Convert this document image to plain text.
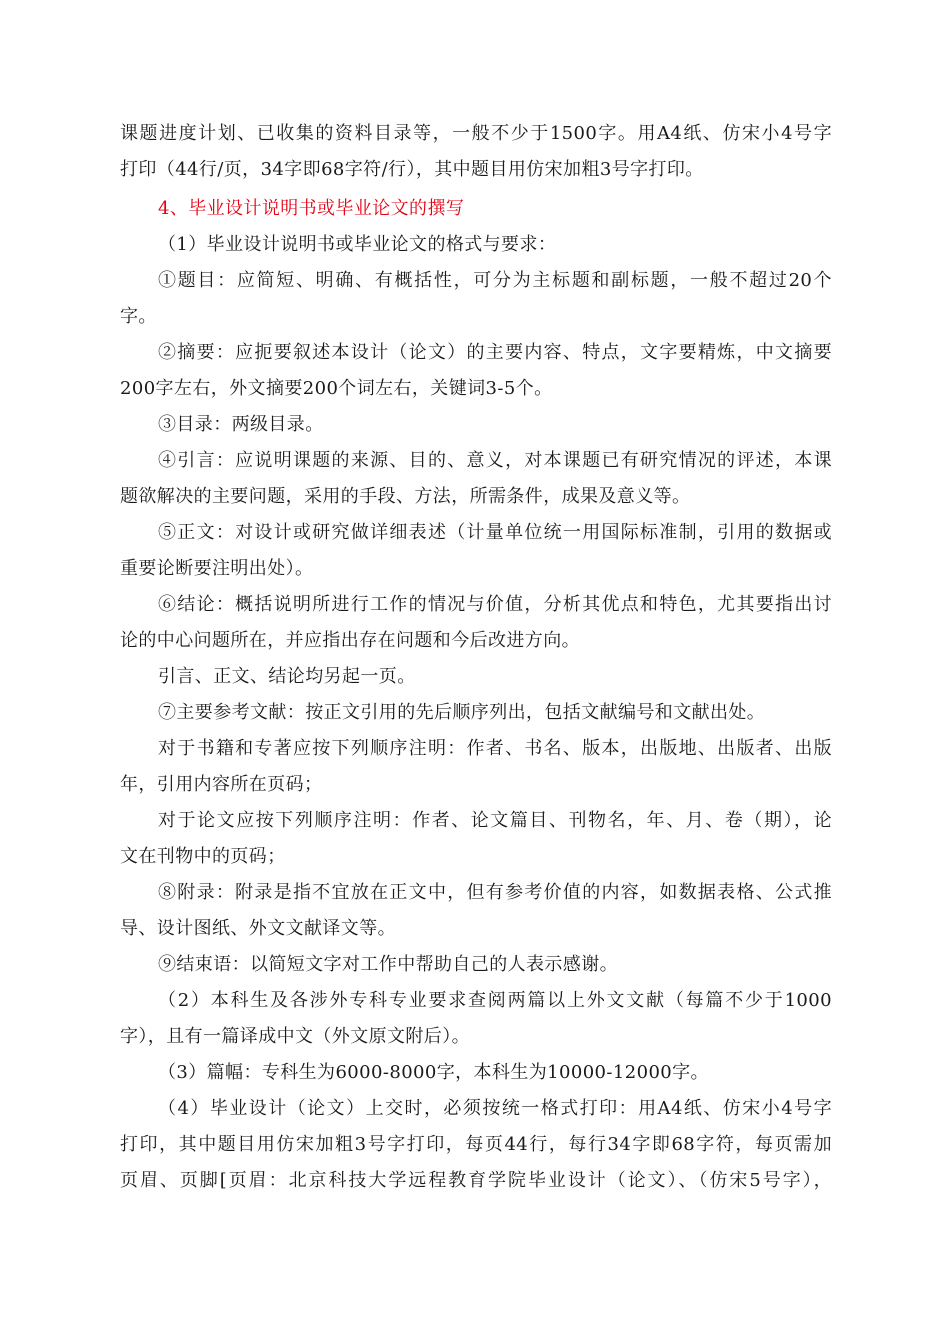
课题进度计划、已收集的资料目录等，一般不少于1500字。用A4纸、仿宋小4号字
打印（44行/页，34字即68字符/行），其中题目用仿宋加粗3号字打印。
4、毕业设计说明书或毕业论文的撰写
（1）毕业设计说明书或毕业论文的格式与要求：
①题目：应简短、明确、有概括性，可分为主标题和副标题，一般不超过20个
字。
②摘要：应扼要叙述本设计（论文）的主要内容、特点，文字要精炼，中文摘要
200字左右，外文摘要200个词左右，关键词3-5个。
③目录：两级目录。
④引言：应说明课题的来源、目的、意义，对本课题已有研究情况的评述，本课
题欲解决的主要问题，采用的手段、方法，所需条件，成果及意义等。
⑤正文：对设计或研究做详细表述（计量单位统一用国际标准制，引用的数据或
重要论断要注明出处）。
⑥结论：概括说明所进行工作的情况与价值，分析其优点和特色，尤其要指出讨
论的中心问题所在，并应指出存在问题和今后改进方向。
引言、正文、结论均另起一页。
⑦主要参考文献：按正文引用的先后顺序列出，包括文献编号和文献出处。
对于书籍和专著应按下列顺序注明：作者、书名、版本，出版地、出版者、出版
年，引用内容所在页码；
对于论文应按下列顺序注明：作者、论文篇目、刊物名，年、月、卷（期），论
文在刊物中的页码；
⑧附录：附录是指不宜放在正文中，但有参考价值的内容，如数据表格、公式推
导、设计图纸、外文文献译文等。
⑨结束语：以简短文字对工作中帮助自己的人表示感谢。
（2）本科生及各涉外专科专业要求查阅两篇以上外文文献（每篇不少于1000
字），且有一篇译成中文（外文原文附后）。
（3）篇幅：专科生为6000-8000字，本科生为10000-12000字。
（4）毕业设计（论文）上交时，必须按统一格式打印：用A4纸、仿宋小4号字
打印，其中题目用仿宋加粗3号字打印，每页44行，每行34字即68字符，每页需加
页眉、页脚[页眉：北京科技大学远程教育学院毕业设计（论文）、（仿宋5号字），
